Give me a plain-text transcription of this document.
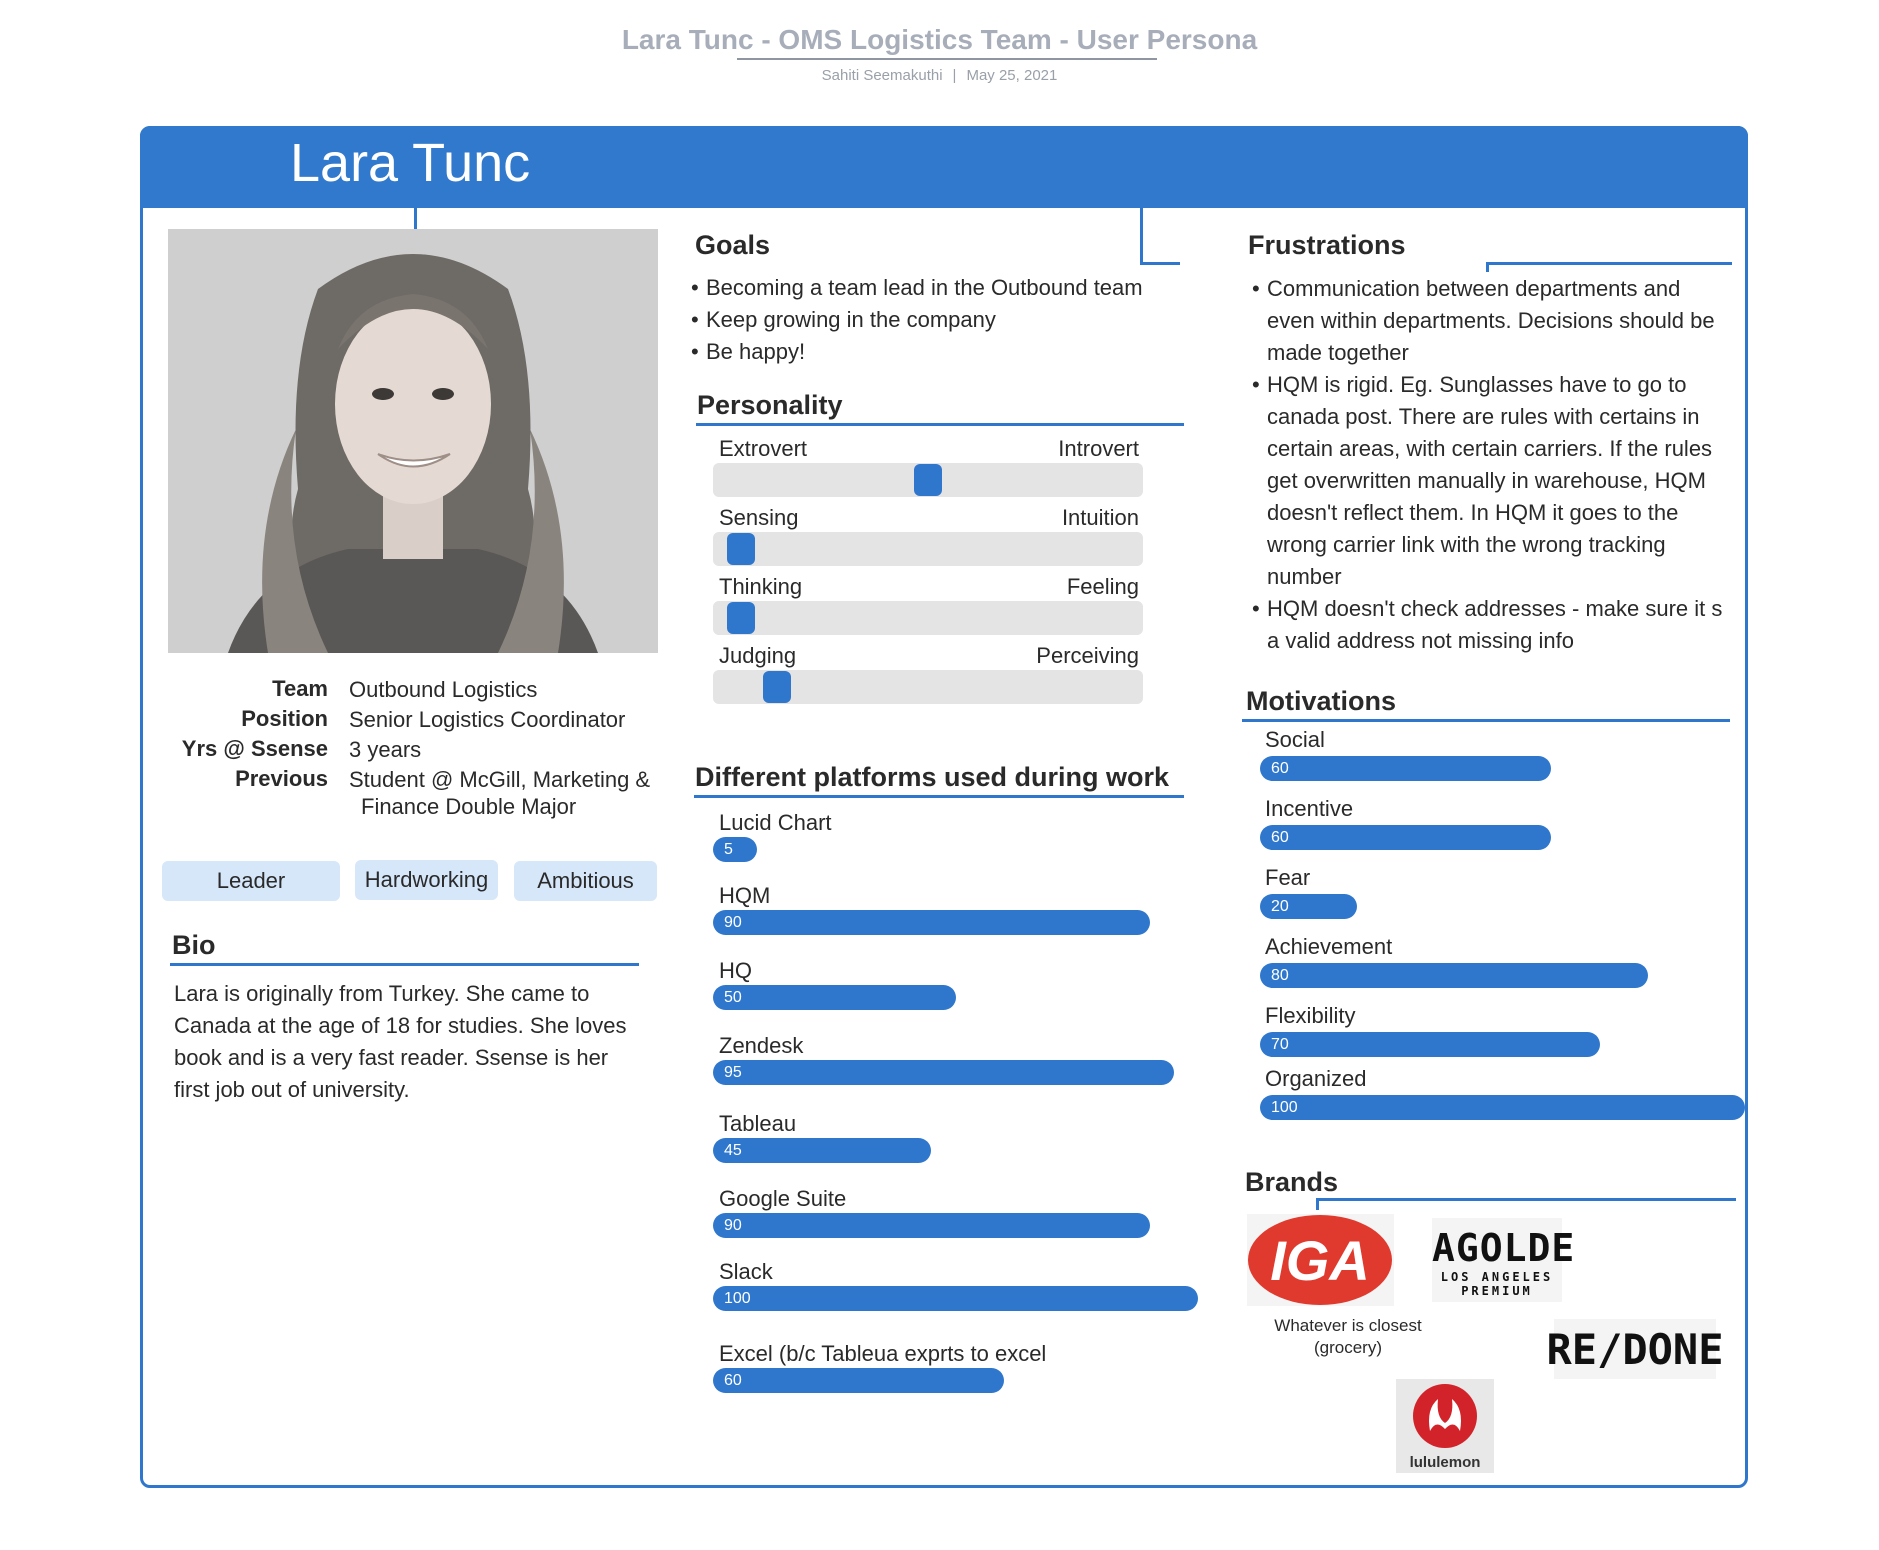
Lara Tunc - OMS Logistics Team - User Persona
Sahiti Seemakuthi | May 25, 2021
Lara Tunc
Team Outbound Logistics
Position Senior Logistics Coordinator
Yrs @ Ssense 3 years
Previous Student @ McGill, Marketing &
Finance Double Major
Leader	Hardworking	Ambitious
Bio
Lara is originally from Turkey. She came to
Canada at the age of 18 for studies. She loves
book and is a very fast reader. Ssense is her
first job out of university.
Goals
• Becoming a team lead in the Outbound team
• Keep growing in the company
• Be happy!
Personality
Extrovert	Introvert
Sensing	Intuition
Thinking	Feeling
Judging	Perceiving
Different platforms used during work
Lucid Chart
5
HQM
90
HQ
50
Zendesk
95
Tableau
45
Google Suite
90
Slack
100
Excel (b/c Tableua exprts to excel
60
Frustrations
• Communication between departments and
even within departments. Decisions should be
made together
• HQM is rigid. Eg. Sunglasses have to go to
canada post. There are rules with certains in
certain areas, with certain carriers. If the rules
get overwritten manually in warehouse, HQM
doesn't reflect them. In HQM it goes to the
wrong carrier link with the wrong tracking
number
• HQM doesn't check addresses - make sure it s
a valid address not missing info
Motivations
Social
60
Incentive
60
Fear
20
Achievement
80
Flexibility
70
Organized
100
Brands
IGA AGOLDE
LOS ANGELES
PREMIUM
RE/DONE
Whatever is closest
(grocery)
lululemon
